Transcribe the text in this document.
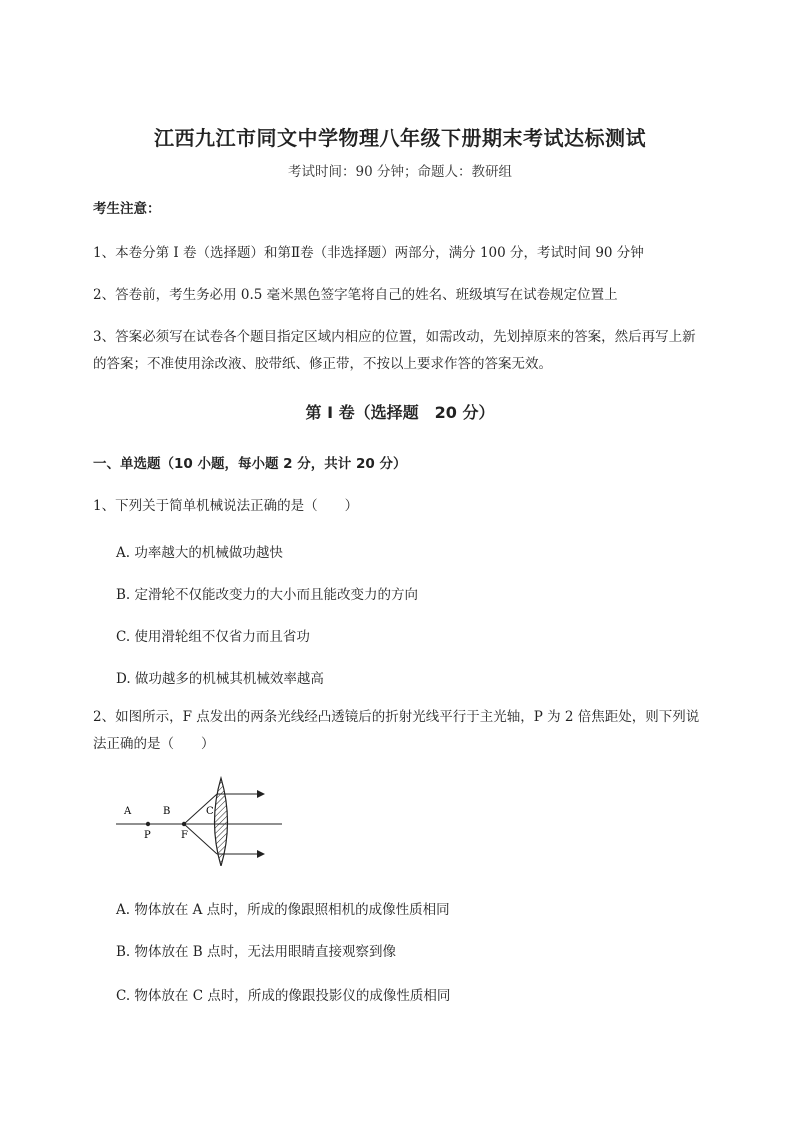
江西九江市同文中学物理八年级下册期末考试达标测试
考试时间：90 分钟；命题人：教研组
考生注意：
1、本卷分第 I 卷（选择题）和第Ⅱ卷（非选择题）两部分，满分 100 分，考试时间 90 分钟
2、答卷前，考生务必用 0.5 毫米黑色签字笔将自己的姓名、班级填写在试卷规定位置上
3、答案必须写在试卷各个题目指定区域内相应的位置，如需改动，先划掉原来的答案，然后再写上新
的答案；不准使用涂改液、胶带纸、修正带，不按以上要求作答的答案无效。
第 I 卷（选择题　20 分）
一、单选题（10 小题，每小题 2 分，共计 20 分）
1、下列关于简单机械说法正确的是（　　）
A. 功率越大的机械做功越快
B. 定滑轮不仅能改变力的大小而且能改变力的方向
C. 使用滑轮组不仅省力而且省功
D. 做功越多的机械其机械效率越高
2、如图所示，F 点发出的两条光线经凸透镜后的折射光线平行于主光轴，P 为 2 倍焦距处，则下列说
法正确的是（　　）
A	B	C
P	F
A. 物体放在 A 点时，所成的像跟照相机的成像性质相同
B. 物体放在 B 点时，无法用眼睛直接观察到像
C. 物体放在 C 点时，所成的像跟投影仪的成像性质相同
